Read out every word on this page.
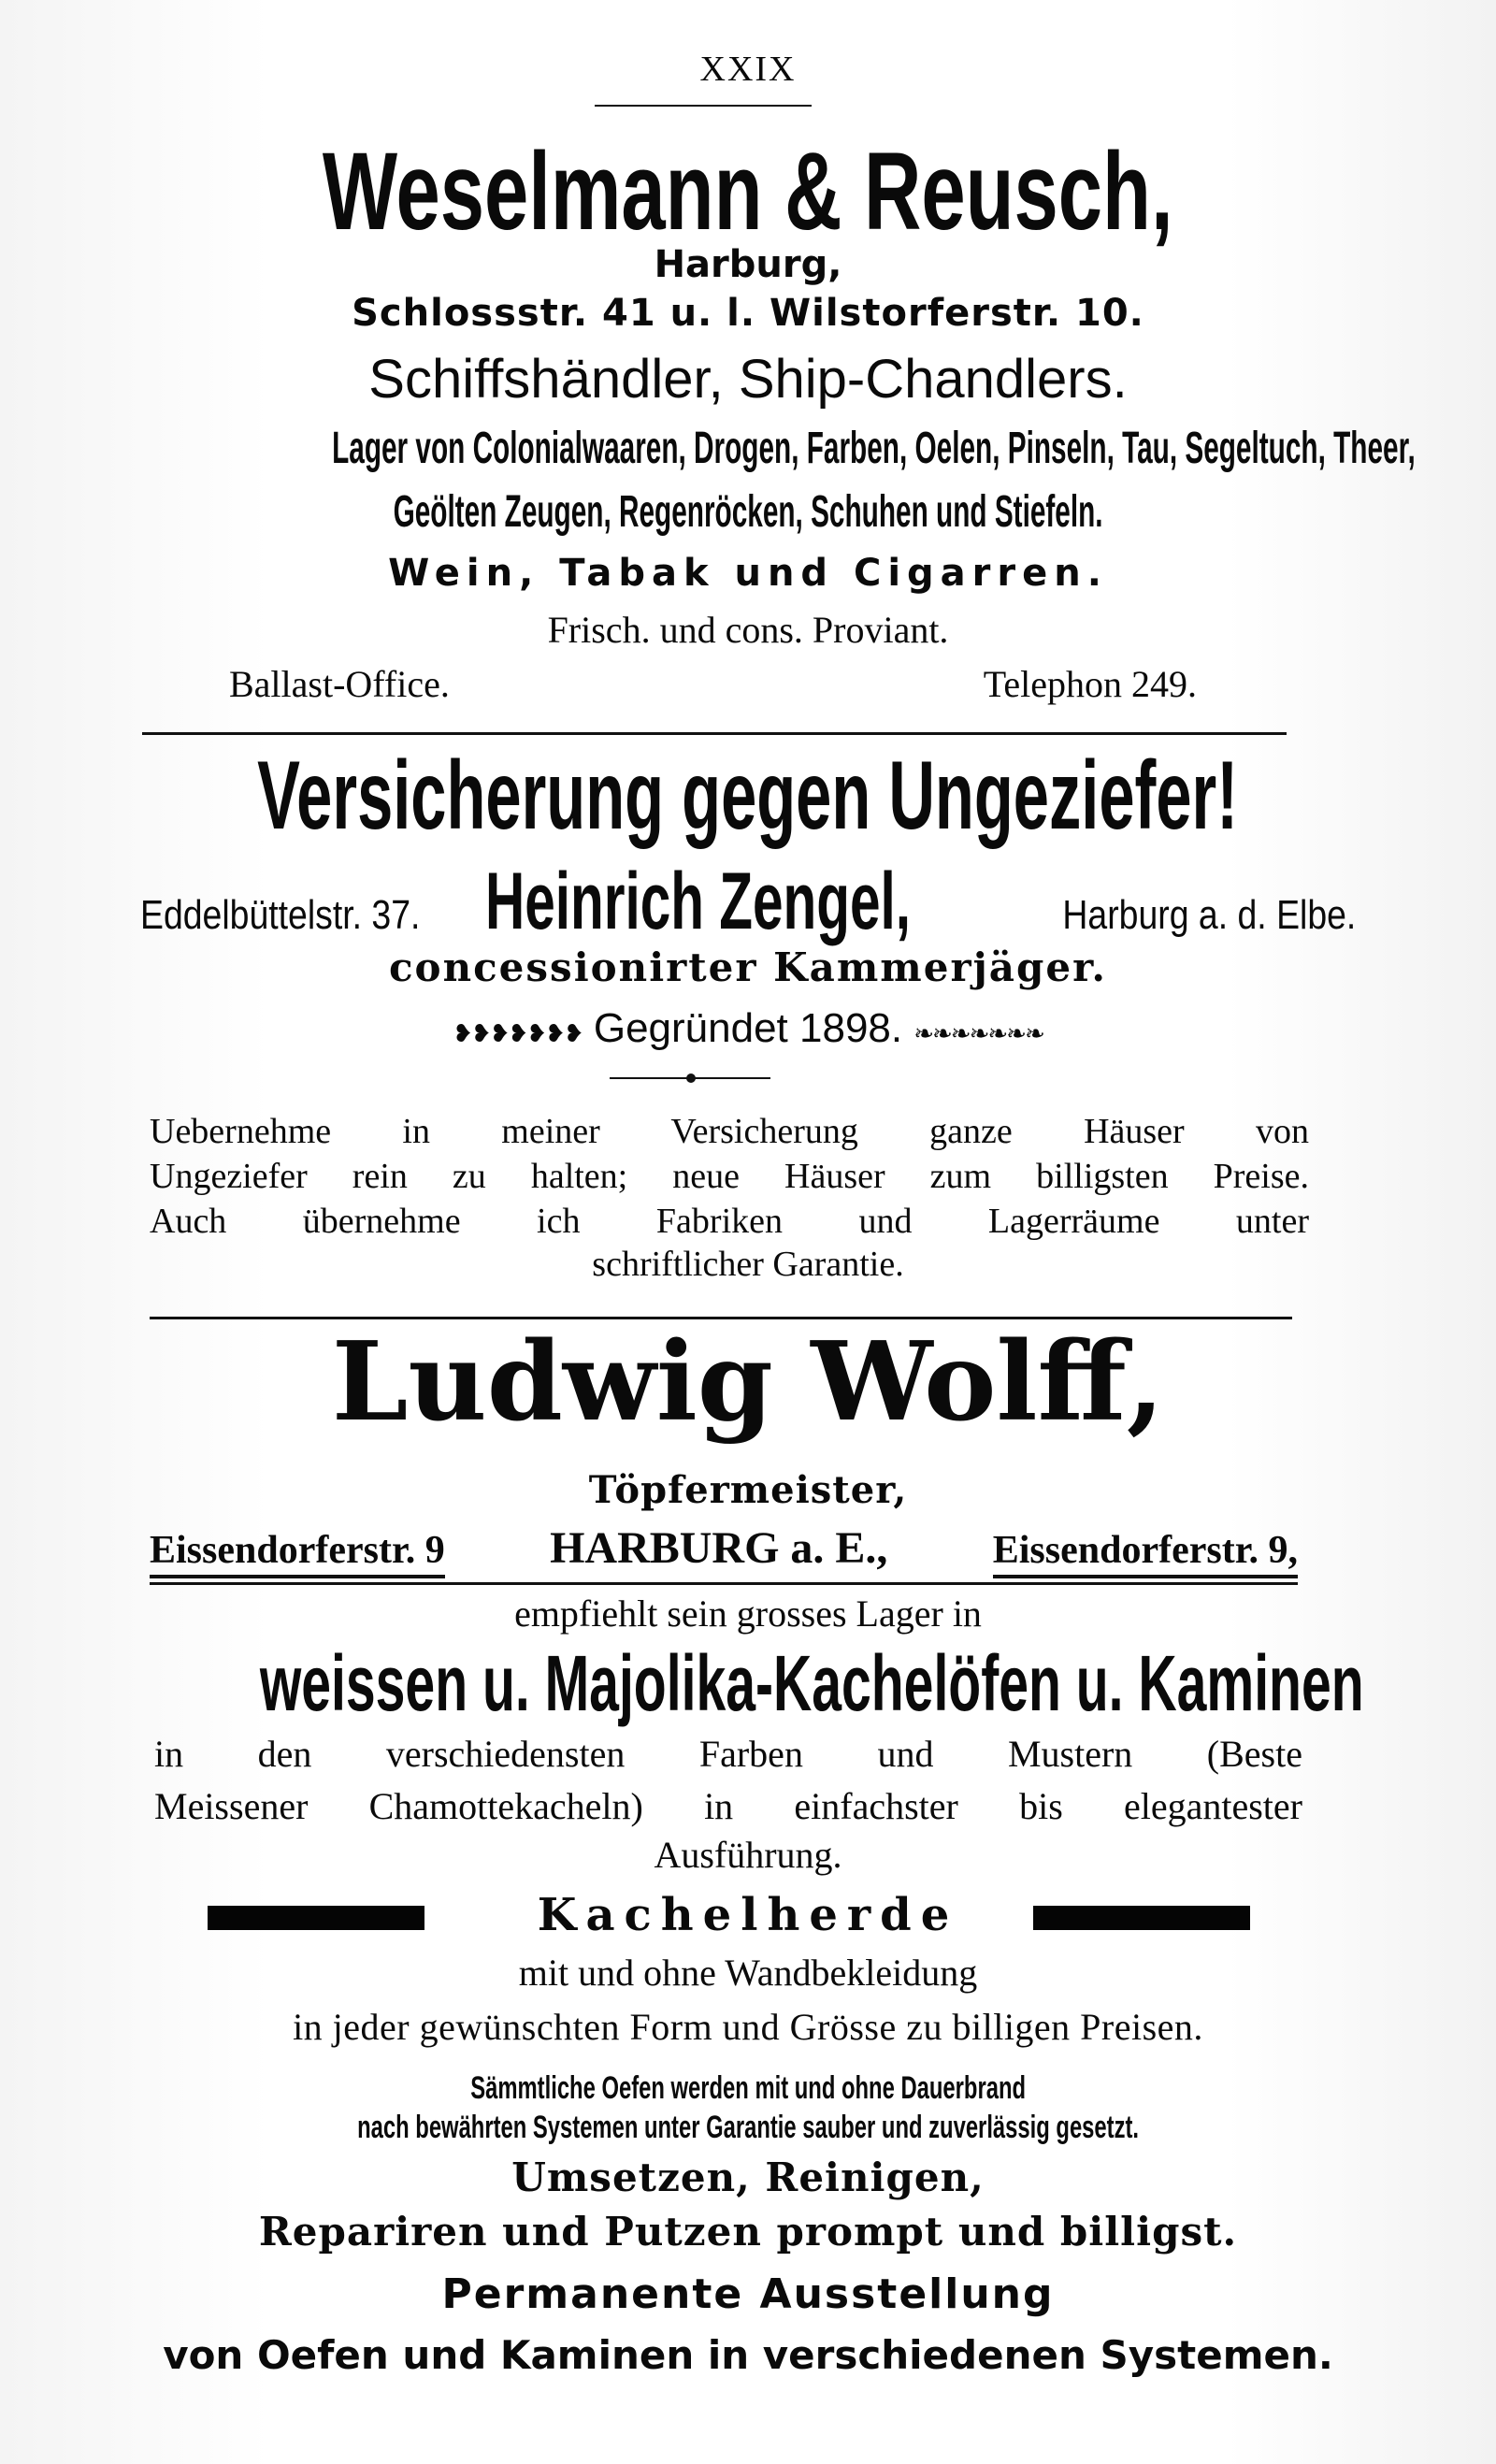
XXIX
Weselmann & Reusch,
Harburg,
Schlossstr. 41 u. l. Wilstorferstr. 10.
Schiffshändler, Ship-Chandlers.
Lager von Colonialwaaren, Drogen, Farben, Oelen, Pinseln, Tau, Segeltuch, Theer,
Geölten Zeugen, Regenröcken, Schuhen und Stiefeln.
Wein, Tabak und Cigarren.
Frisch. und cons. Proviant.
Ballast-Office.	Telephon 249.
Versicherung gegen Ungeziefer!
Eddelbüttelstr. 37. Heinrich Zengel,	Harburg a. d. Elbe.
concessionirter Kammerjäger.
❥❥❥❥❥❥❥ Gegründet 1898. ❧❧❧❧❧❧❧
Uebernehme in meiner Versicherung ganze Häuser von
Ungeziefer rein zu halten; neue Häuser zum billigsten Preise.
Auch übernehme ich Fabriken und Lagerräume unter
schriftlicher Garantie.
Ludwig Wolff,
Töpfermeister,
Eissendorferstr. 9 HARBURG a. E.,	Eissendorferstr. 9,
empfiehlt sein grosses Lager in
weissen u. Majolika-Kachelöfen u. Kaminen
in den verschiedensten Farben und Mustern (Beste
Meissener Chamottekacheln) in einfachster bis elegantester
Ausführung.
Kachelherde
mit und ohne Wandbekleidung
in jeder gewünschten Form und Grösse zu billigen Preisen.
Sämmtliche Oefen werden mit und ohne Dauerbrand
nach bewährten Systemen unter Garantie sauber und zuverlässig gesetzt.
Umsetzen, Reinigen,
Repariren und Putzen prompt und billigst.
Permanente Ausstellung
von Oefen und Kaminen in verschiedenen Systemen.
